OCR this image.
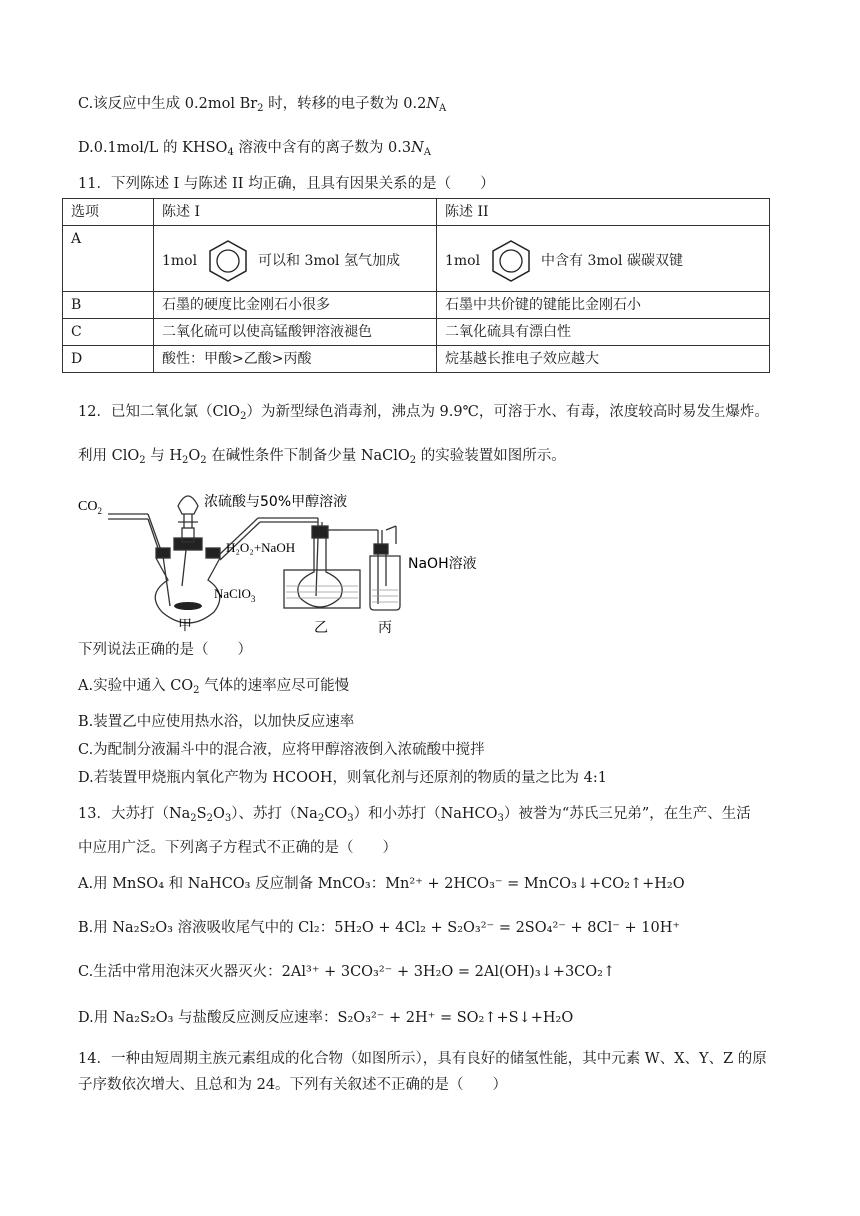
C.该反应中生成 0.2mol $Br_2$ 时，转移的电子数为 $0.2N_A$
D.0.1mol/L 的 $KHSO_4$ 溶液中含有的离子数为 $0.3N_A$
11．下列陈述 I 与陈述 II 均正确，且具有因果关系的是（　　）
选项	陈述 I	陈述 II
A	1mol 可以和 3mol 氢气加成	1mol 中含有 3mol 碳碳双键
B	石墨的硬度比金刚石小很多	石墨中共价键的键能比金刚石小
C	二氧化硫可以使高锰酸钾溶液褪色	二氧化硫具有漂白性
D	酸性：甲酸>乙酸>丙酸	烷基越长推电子效应越大
12．已知二氧化氯（ClO$_2$）为新型绿色消毒剂，沸点为 9.9℃，可溶于水、有毒，浓度较高时易发生爆炸。
利用 ClO$_2$ 与 $H_2O_2$ 在碱性条件下制备少量 NaClO$_2$ 的实验装置如图所示。
$CO_2$
浓硫酸与50%甲醇溶液
NaClO$_3$
H₂O₂+NaOH
NaOH溶液
甲	乙	丙
下列说法正确的是（　　）
A.实验中通入 $CO_2$ 气体的速率应尽可能慢
B.装置乙中应使用热水浴，以加快反应速率
C.为配制分液漏斗中的混合液，应将甲醇溶液倒入浓硫酸中搅拌
D.若装置甲烧瓶内氧化产物为 HCOOH，则氧化剂与还原剂的物质的量之比为 4:1
13．大苏打$(Na_2S_2O_3)$、苏打$(Na_2CO_3)$和小苏打（NaHCO$_3$）被誉为“苏氏三兄弟”，在生产、生活
中应用广泛。下列离子方程式不正确的是（　　）
A.用 MnSO₄ 和 NaHCO₃ 反应制备 MnCO₃：Mn²⁺ + 2HCO₃⁻ = MnCO₃↓+CO₂↑+H₂O
B.用 Na₂S₂O₃ 溶液吸收尾气中的 Cl₂：5H₂O + 4Cl₂ + S₂O₃²⁻ = 2SO₄²⁻ + 8Cl⁻ + 10H⁺
C.生活中常用泡沫灭火器灭火：2Al³⁺ + 3CO₃²⁻ + 3H₂O = 2Al(OH)₃↓+3CO₂↑
D.用 Na₂S₂O₃ 与盐酸反应测反应速率：S₂O₃²⁻ + 2H⁺ = SO₂↑+S↓+H₂O
14．一种由短周期主族元素组成的化合物（如图所示），具有良好的储氢性能，其中元素 W、X、Y、Z 的原子序数依次增大、且总和为 24。下列有关叙述不正确的是（　　）
